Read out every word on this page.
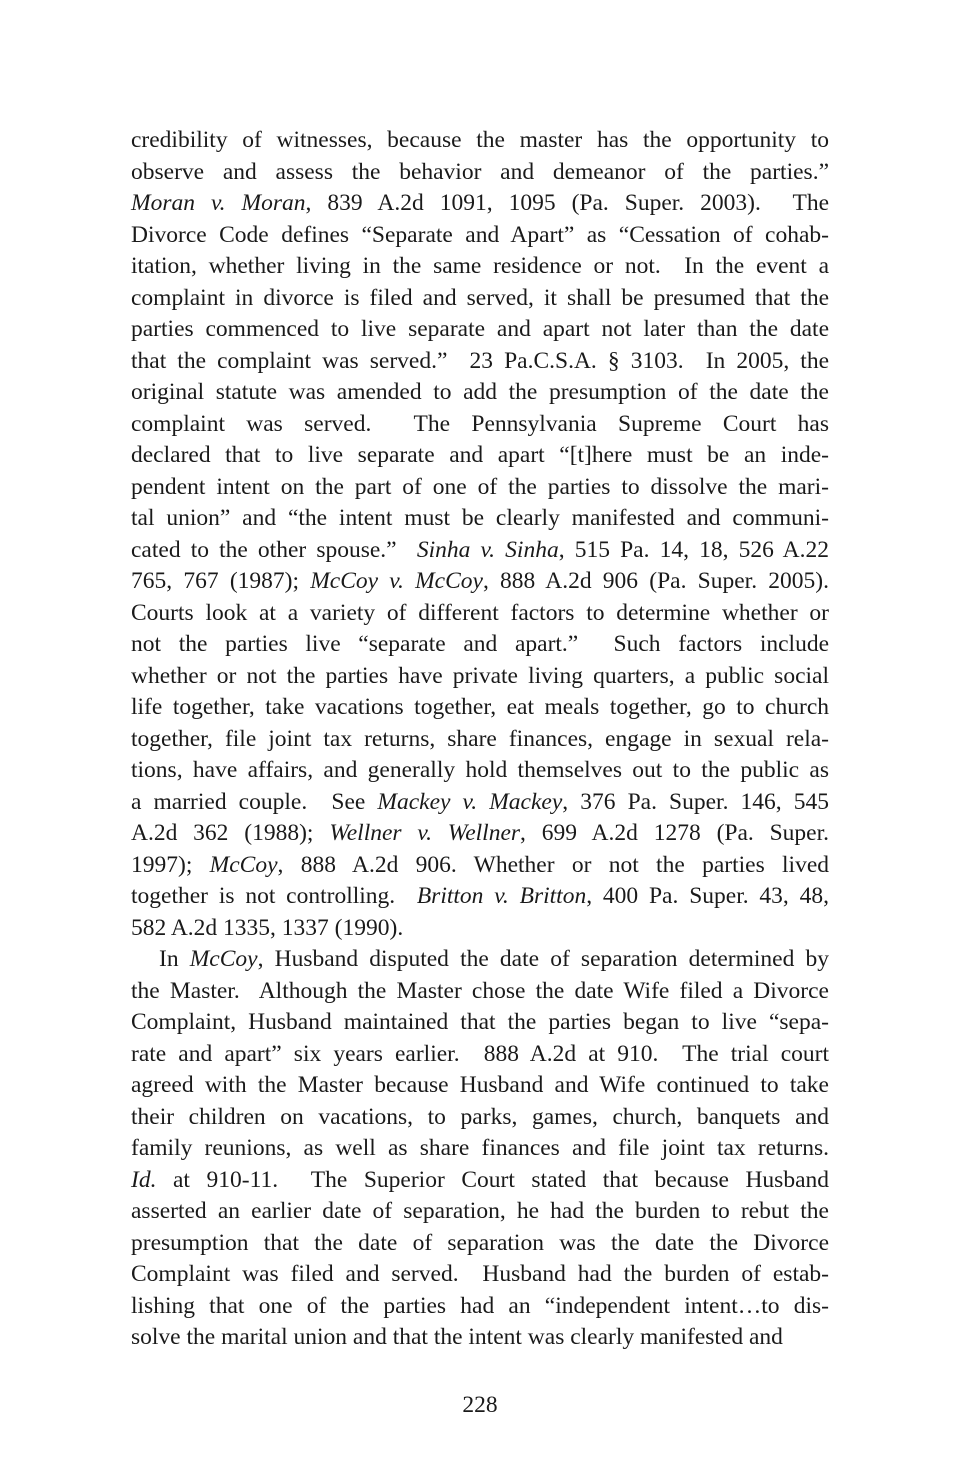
credibility of witnesses, because the master has the opportunity to
observe and assess the behavior and demeanor of the parties.”
Moran v. Moran, 839 A.2d 1091, 1095 (Pa. Super. 2003).  The
Divorce Code defines “Separate and Apart” as “Cessation of cohab-
itation, whether living in the same residence or not.  In the event a
complaint in divorce is filed and served, it shall be presumed that the
parties commenced to live separate and apart not later than the date
that the complaint was served.”  23 Pa.C.S.A. § 3103.  In 2005, the
original statute was amended to add the presumption of the date the
complaint was served.  The Pennsylvania Supreme Court has
declared that to live separate and apart “[t]here must be an inde-
pendent intent on the part of one of the parties to dissolve the mari-
tal union” and “the intent must be clearly manifested and communi-
cated to the other spouse.”  Sinha v. Sinha, 515 Pa. 14, 18, 526 A.22
765, 767 (1987); McCoy v. McCoy, 888 A.2d 906 (Pa. Super. 2005).
Courts look at a variety of different factors to determine whether or
not the parties live “separate and apart.”  Such factors include
whether or not the parties have private living quarters, a public social
life together, take vacations together, eat meals together, go to church
together, file joint tax returns, share finances, engage in sexual rela-
tions, have affairs, and generally hold themselves out to the public as
a married couple.  See Mackey v. Mackey, 376 Pa. Super. 146, 545
A.2d 362 (1988); Wellner v. Wellner, 699 A.2d 1278 (Pa. Super.
1997); McCoy, 888 A.2d 906. Whether or not the parties lived
together is not controlling.  Britton v. Britton, 400 Pa. Super. 43, 48,
582 A.2d 1335, 1337 (1990).
In McCoy, Husband disputed the date of separation determined by
the Master.  Although the Master chose the date Wife filed a Divorce
Complaint, Husband maintained that the parties began to live “sepa-
rate and apart” six years earlier.  888 A.2d at 910.  The trial court
agreed with the Master because Husband and Wife continued to take
their children on vacations, to parks, games, church, banquets and
family reunions, as well as share finances and file joint tax returns.
Id. at 910-11.  The Superior Court stated that because Husband
asserted an earlier date of separation, he had the burden to rebut the
presumption that the date of separation was the date the Divorce
Complaint was filed and served.  Husband had the burden of estab-
lishing that one of the parties had an “independent intent…to dis-
solve the marital union and that the intent was clearly manifested and
228
